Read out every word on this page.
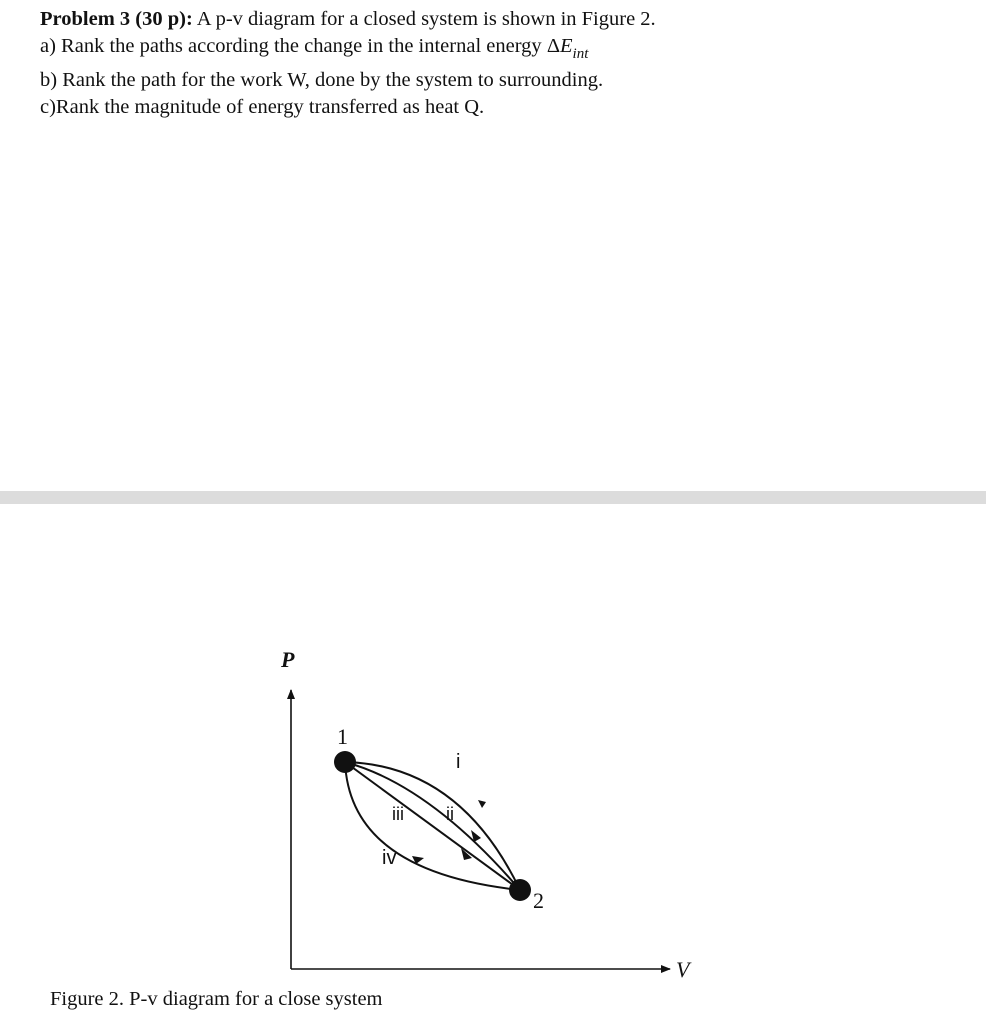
Problem 3 (30 p): A p-v diagram for a closed system is shown in Figure 2.
a) Rank the paths according the change in the internal energy $\Delta E_{int}$
b) Rank the path for the work W, done by the system to surrounding.
c)Rank the magnitude of energy transferred as heat Q.
P
V
1
2
i
ii
iii
iv
Figure 2. P-v diagram for a close system
